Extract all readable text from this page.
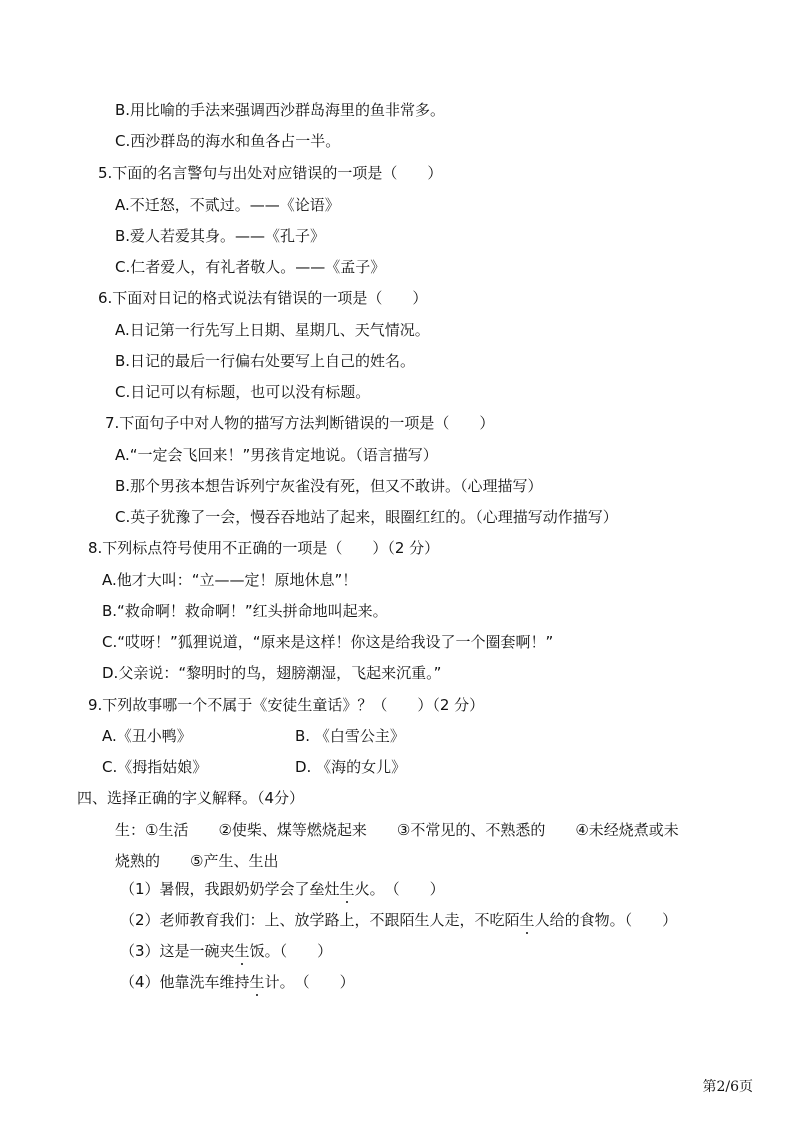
B.用比喻的手法来强调西沙群岛海里的鱼非常多。
C.西沙群岛的海水和鱼各占一半。
5.下面的名言警句与出处对应错误的一项是（　　）
A.不迁怒，不贰过。——《论语》
B.爱人若爱其身。——《孔子》
C.仁者爱人，有礼者敬人。——《孟子》
6.下面对日记的格式说法有错误的一项是（　　）
A.日记第一行先写上日期、星期几、天气情况。
B.日记的最后一行偏右处要写上自己的姓名。
C.日记可以有标题，也可以没有标题。
7.下面句子中对人物的描写方法判断错误的一项是（　　）
A.“一定会飞回来！”男孩肯定地说。（语言描写）
B.那个男孩本想告诉列宁灰雀没有死，但又不敢讲。（心理描写）
C.英子犹豫了一会，慢吞吞地站了起来，眼圈红红的。（心理描写动作描写）
8.下列标点符号使用不正确的一项是（　　）（2 分）
A.他才大叫：“立——定！原地休息”！
B.“救命啊！救命啊！”红头拼命地叫起来。
C.“哎呀！”狐狸说道，“原来是这样！你这是给我设了一个圈套啊！”
D.父亲说：“黎明时的鸟，翅膀潮湿，飞起来沉重。”
9.下列故事哪一个不属于《安徒生童话》？（　　）（2 分）
A.《丑小鸭》	B. 《白雪公主》
C.《拇指姑娘》	D. 《海的女儿》
四、选择正确的字义解释。（4分）
生：①生活　　②使柴、煤等燃烧起来　　③不常见的、不熟悉的　　④未经烧煮或未
烧熟的　　⑤产生、生出
（1）暑假，我跟奶奶学会了垒灶生火。　（　　）
（2）老师教育我们：上、放学路上，不跟陌生人走，不吃陌生人给的食物。（　　）
（3）这是一碗夹生饭。（　　）
（4）他靠洗车维持生计。　（　　）
第2/6页
